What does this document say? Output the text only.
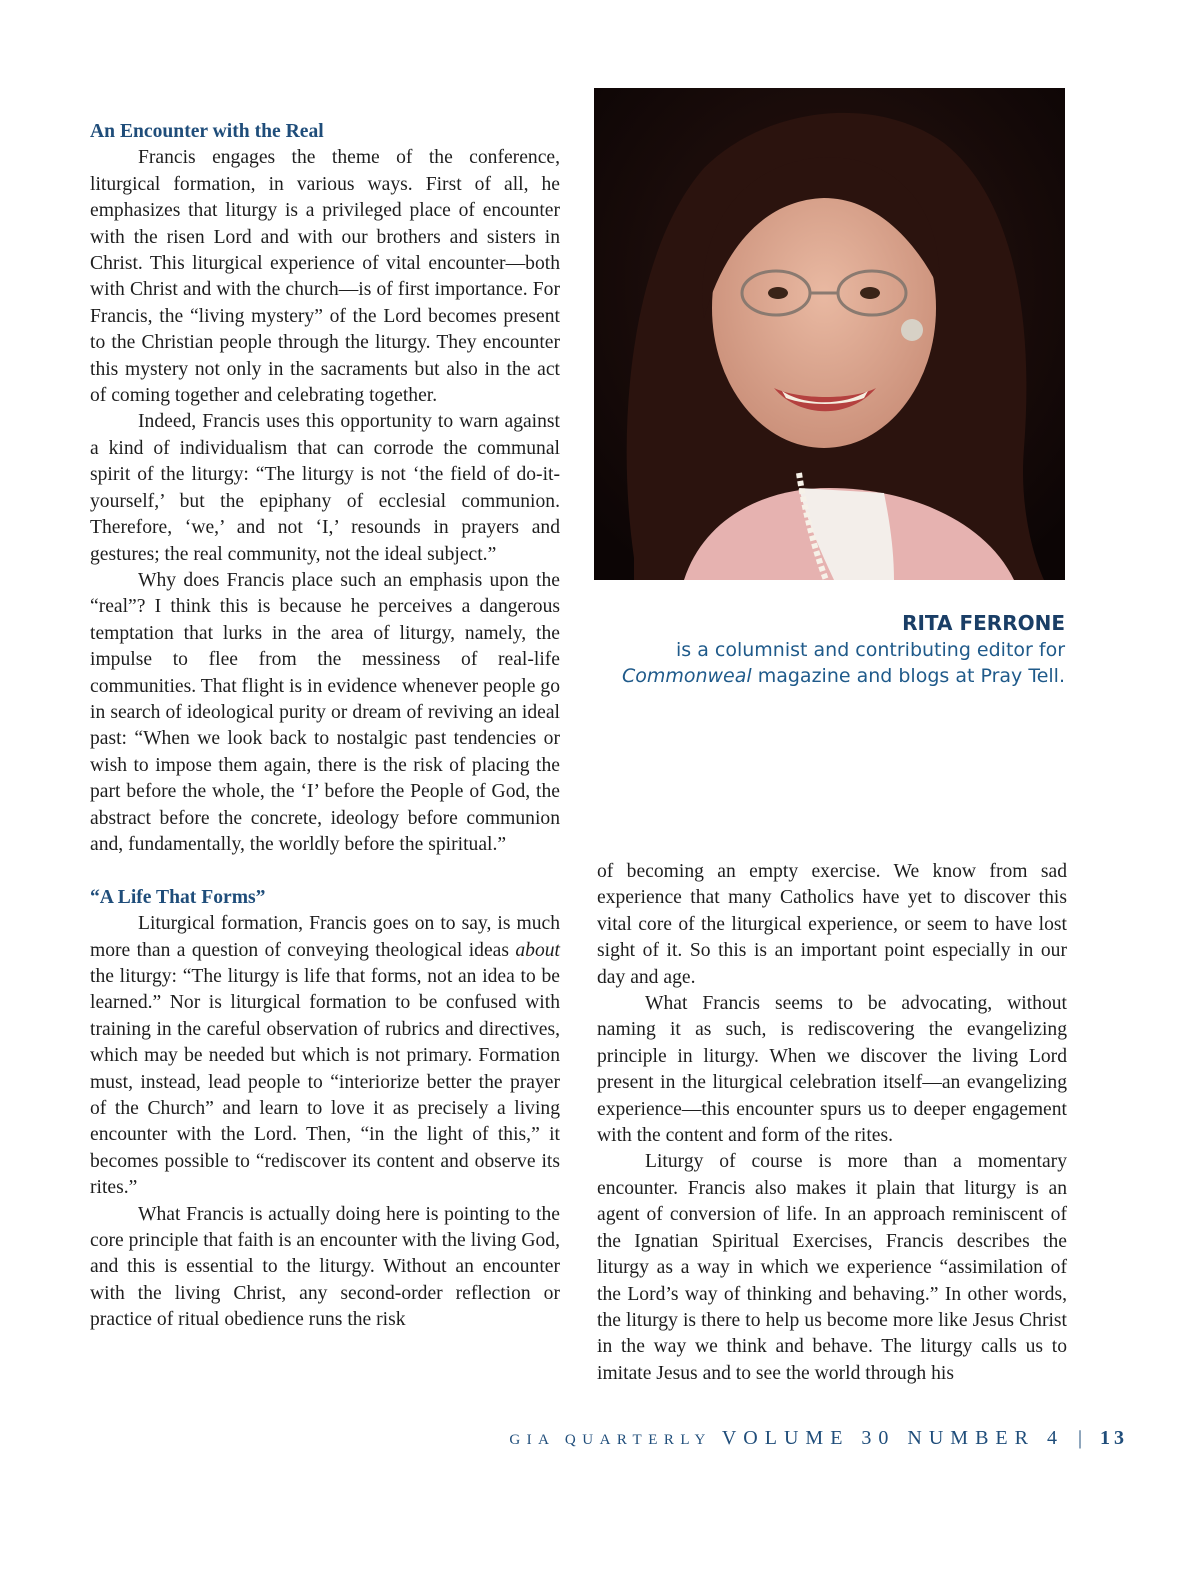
An Encounter with the Real

Francis engages the theme of the conference, liturgical formation, in various ways. First of all, he emphasizes that liturgy is a privileged place of encounter with the risen Lord and with our brothers and sisters in Christ. This liturgical experience of vital encounter—both with Christ and with the church—is of first importance. For Francis, the “living mystery” of the Lord becomes present to the Christian people through the liturgy. They encounter this mystery not only in the sacraments but also in the act of coming together and celebrating together.

Indeed, Francis uses this opportunity to warn against a kind of individualism that can corrode the communal spirit of the liturgy: “The liturgy is not ‘the field of do-it-yourself,’ but the epiphany of ecclesial communion. Therefore, ‘we,’ and not ‘I,’ resounds in prayers and gestures; the real community, not the ideal subject.”

Why does Francis place such an emphasis upon the “real”? I think this is because he perceives a dangerous temptation that lurks in the area of liturgy, namely, the impulse to flee from the messiness of real-life communities. That flight is in evidence whenever people go in search of ideological purity or dream of reviving an ideal past: “When we look back to nostalgic past tendencies or wish to impose them again, there is the risk of placing the part before the whole, the ‘I’ before the People of God, the abstract before the concrete, ideology before communion and, fundamentally, the worldly before the spiritual.”

“A Life That Forms”

Liturgical formation, Francis goes on to say, is much more than a question of conveying theological ideas about the liturgy: “The liturgy is life that forms, not an idea to be learned.” Nor is liturgical formation to be confused with training in the careful observation of rubrics and directives, which may be needed but which is not primary. Formation must, instead, lead people to “interiorize better the prayer of the Church” and learn to love it as precisely a living encounter with the Lord. Then, “in the light of this,” it becomes possible to “rediscover its content and observe its rites.”

What Francis is actually doing here is pointing to the core principle that faith is an encounter with the living God, and this is essential to the liturgy. Without an encounter with the living Christ, any second-order reflection or practice of ritual obedience runs the risk

RITA FERRONE
is a columnist and contributing editor for
Commonweal magazine and blogs at Pray Tell.

of becoming an empty exercise. We know from sad experience that many Catholics have yet to discover this vital core of the liturgical experience, or seem to have lost sight of it. So this is an important point especially in our day and age.

What Francis seems to be advocating, without naming it as such, is rediscovering the evangelizing principle in liturgy. When we discover the living Lord present in the liturgical celebration itself—an evangelizing experience—this encounter spurs us to deeper engagement with the content and form of the rites.

Liturgy of course is more than a momentary encounter. Francis also makes it plain that liturgy is an agent of conversion of life. In an approach reminiscent of the Ignatian Spiritual Exercises, Francis describes the liturgy as a way in which we experience “assimilation of the Lord’s way of thinking and behaving.” In other words, the liturgy is there to help us become more like Jesus Christ in the way we think and behave. The liturgy calls us to imitate Jesus and to see the world through his

GIA QUARTERLY VOLUME 30 NUMBER 4 | 13
